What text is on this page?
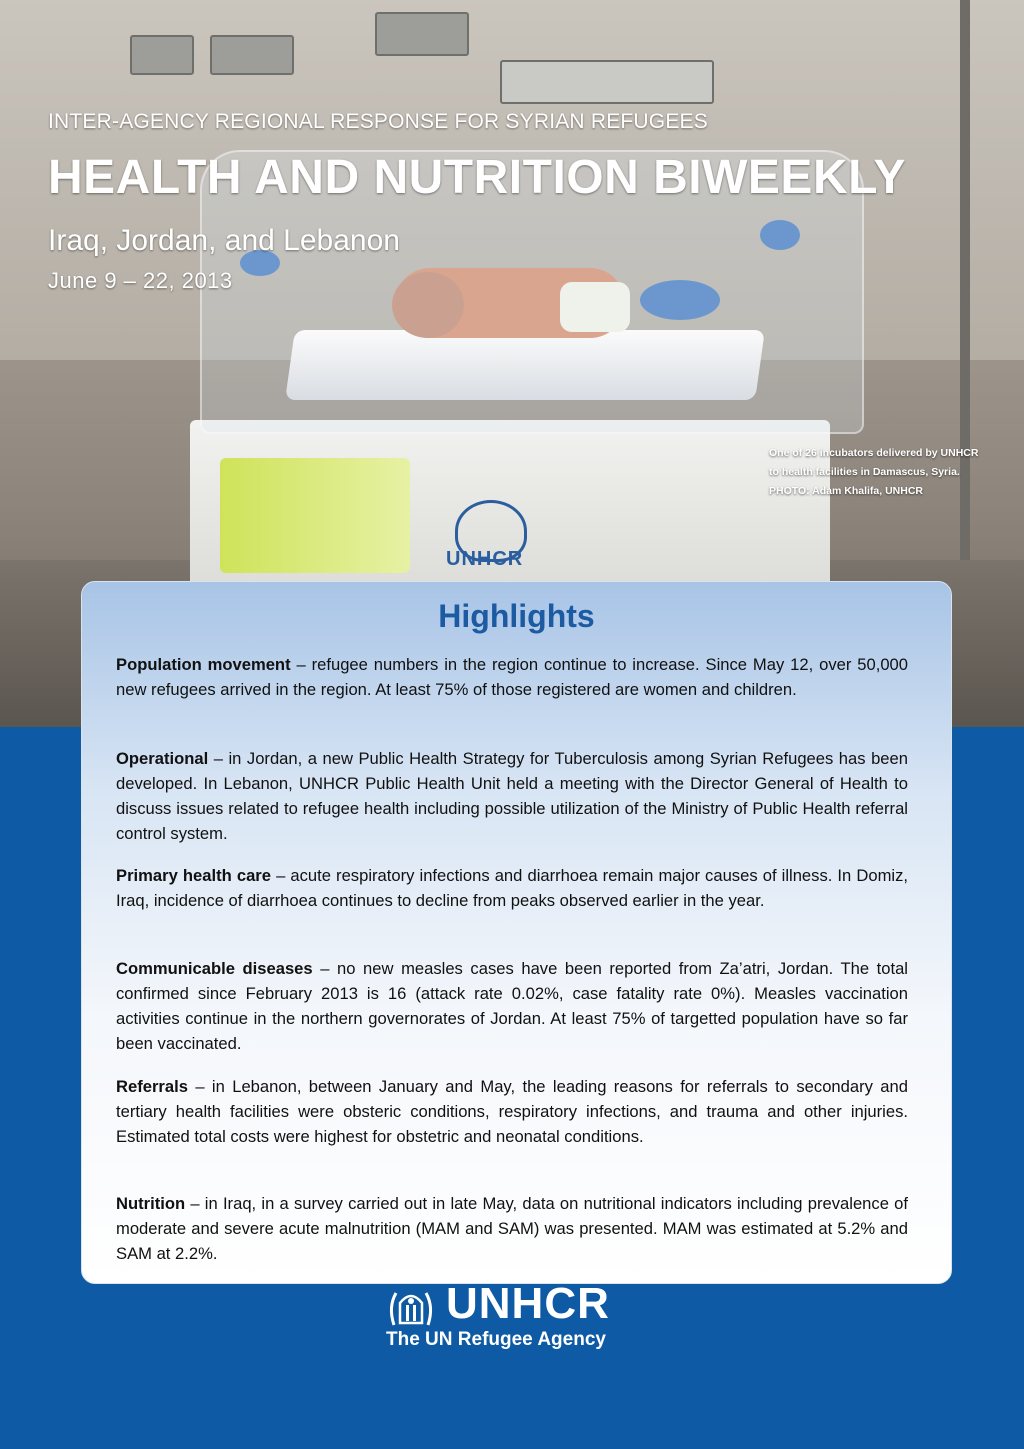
UNHCR
INTER-AGENCY REGIONAL RESPONSE FOR SYRIAN REFUGEES
HEALTH AND NUTRITION BIWEEKLY
Iraq, Jordan, and Lebanon
June 9 – 22, 2013
One of 26 incubators delivered by UNHCR
to health facilities in Damascus, Syria.
PHOTO: Adam Khalifa, UNHCR
Highlights

Population movement – refugee numbers in the region continue to increase. Since May 12, over 50,000 new refugees arrived in the region. At least 75% of those registered are women and children.

Operational – in Jordan, a new Public Health Strategy for Tuberculosis among Syrian Refugees has been developed. In Lebanon, UNHCR Public Health Unit held a meeting with the Director General of Health to discuss issues related to refugee health including possible utilization of the Ministry of Public Health referral control system.

Primary health care – acute respiratory infections and diarrhoea remain major causes of illness. In Domiz, Iraq, incidence of diarrhoea continues to decline from peaks observed earlier in the year.

Communicable diseases – no new measles cases have been reported from Za’atri, Jordan. The total confirmed since February 2013 is 16 (attack rate 0.02%, case fatality rate 0%). Measles vaccination activities continue in the northern governorates of Jordan. At least 75% of targetted population have so far been vaccinated.

Referrals – in Lebanon, between January and May, the leading reasons for referrals to secondary and tertiary health facilities were obsteric conditions, respiratory infections, and trauma and other injuries. Estimated total costs were highest for obstetric and neonatal conditions.

Nutrition – in Iraq, in a survey carried out in late May, data on nutritional indicators including prevalence of moderate and severe acute malnutrition (MAM and SAM) was presented. MAM was estimated at 5.2% and SAM at 2.2%.

UNHCR
The UN Refugee Agency
